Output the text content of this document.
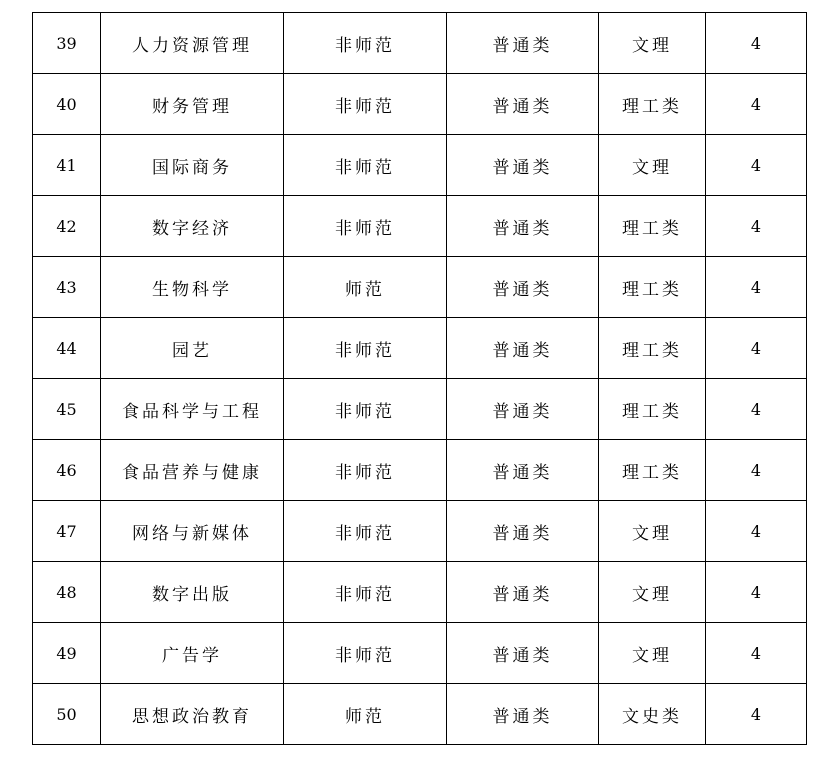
39	人力资源管理	非师范	普通类	文理	4
40	财务管理	非师范	普通类	理工类	4
41	国际商务	非师范	普通类	文理	4
42	数字经济	非师范	普通类	理工类	4
43	生物科学	师范	普通类	理工类	4
44	园艺	非师范	普通类	理工类	4
45	食品科学与工程	非师范	普通类	理工类	4
46	食品营养与健康	非师范	普通类	理工类	4
47	网络与新媒体	非师范	普通类	文理	4
48	数字出版	非师范	普通类	文理	4
49	广告学	非师范	普通类	文理	4
50	思想政治教育	师范	普通类	文史类	4
